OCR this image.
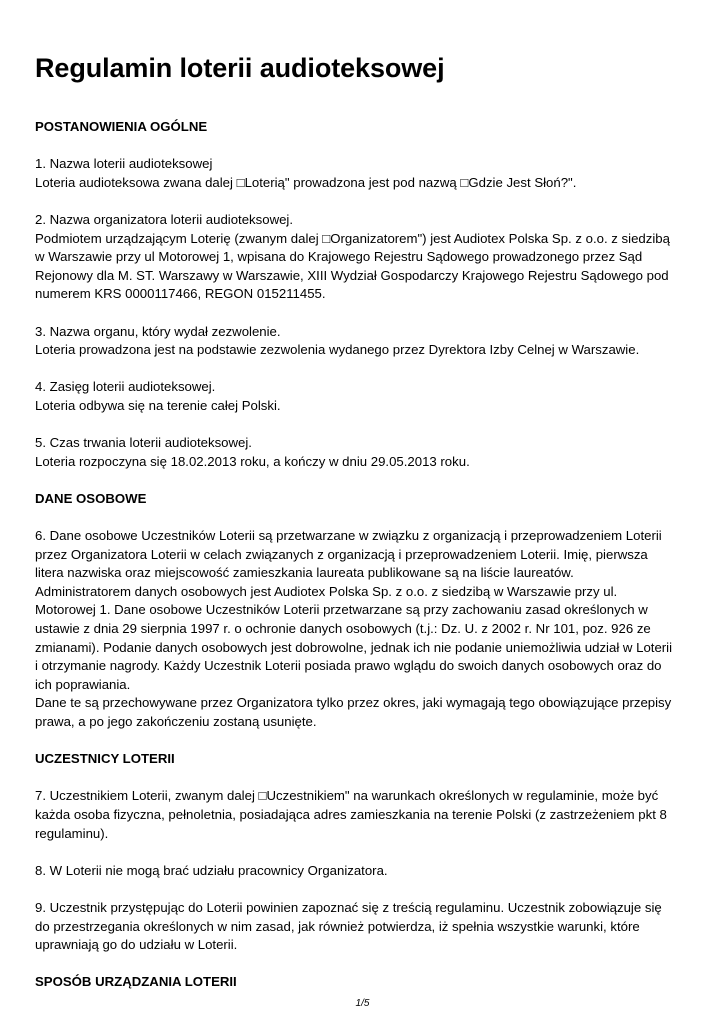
Regulamin loterii audioteksowej

POSTANOWIENIA OGÓLNE

1. Nazwa loterii audioteksowej
Loteria audioteksowa zwana dalej □Loterią" prowadzona jest pod nazwą □Gdzie Jest Słoń?".

2. Nazwa organizatora loterii audioteksowej.
Podmiotem urządzającym Loterię (zwanym dalej □Organizatorem") jest Audiotex Polska Sp. z o.o. z siedzibą
w Warszawie przy ul Motorowej 1, wpisana do Krajowego Rejestru Sądowego prowadzonego przez Sąd
Rejonowy dla M. ST. Warszawy w Warszawie, XIII Wydział Gospodarczy Krajowego Rejestru Sądowego pod
numerem KRS 0000117466, REGON 015211455.

3. Nazwa organu, który wydał zezwolenie.
Loteria prowadzona jest na podstawie zezwolenia wydanego przez Dyrektora Izby Celnej w Warszawie.

4. Zasięg loterii audioteksowej.
Loteria odbywa się na terenie całej Polski.

5. Czas trwania loterii audioteksowej.
Loteria rozpoczyna się 18.02.2013 roku, a kończy w dniu 29.05.2013 roku.

DANE OSOBOWE

6. Dane osobowe Uczestników Loterii są przetwarzane w związku z organizacją i przeprowadzeniem Loterii
przez Organizatora Loterii w celach związanych z organizacją i przeprowadzeniem Loterii. Imię, pierwsza
litera nazwiska oraz miejscowość zamieszkania laureata publikowane są na liście laureatów.
Administratorem danych osobowych jest Audiotex Polska Sp. z o.o. z siedzibą w Warszawie przy ul.
Motorowej 1. Dane osobowe Uczestników Loterii przetwarzane są przy zachowaniu zasad określonych w
ustawie z dnia 29 sierpnia 1997 r. o ochronie danych osobowych (t.j.: Dz. U. z 2002 r. Nr 101, poz. 926 ze
zmianami). Podanie danych osobowych jest dobrowolne, jednak ich nie podanie uniemożliwia udział w Loterii
i otrzymanie nagrody. Każdy Uczestnik Loterii posiada prawo wglądu do swoich danych osobowych oraz do
ich poprawiania.
Dane te są przechowywane przez Organizatora tylko przez okres, jaki wymagają tego obowiązujące przepisy
prawa, a po jego zakończeniu zostaną usunięte.

UCZESTNICY LOTERII

7. Uczestnikiem Loterii, zwanym dalej □Uczestnikiem" na warunkach określonych w regulaminie, może być
każda osoba fizyczna, pełnoletnia, posiadająca adres zamieszkania na terenie Polski (z zastrzeżeniem pkt 8
regulaminu).

8. W Loterii nie mogą brać udziału pracownicy Organizatora.

9. Uczestnik przystępując do Loterii powinien zapoznać się z treścią regulaminu. Uczestnik zobowiązuje się
do przestrzegania określonych w nim zasad, jak również potwierdza, iż spełnia wszystkie warunki, które
uprawniają go do udziału w Loterii.

SPOSÓB URZĄDZANIA LOTERII

1/5
